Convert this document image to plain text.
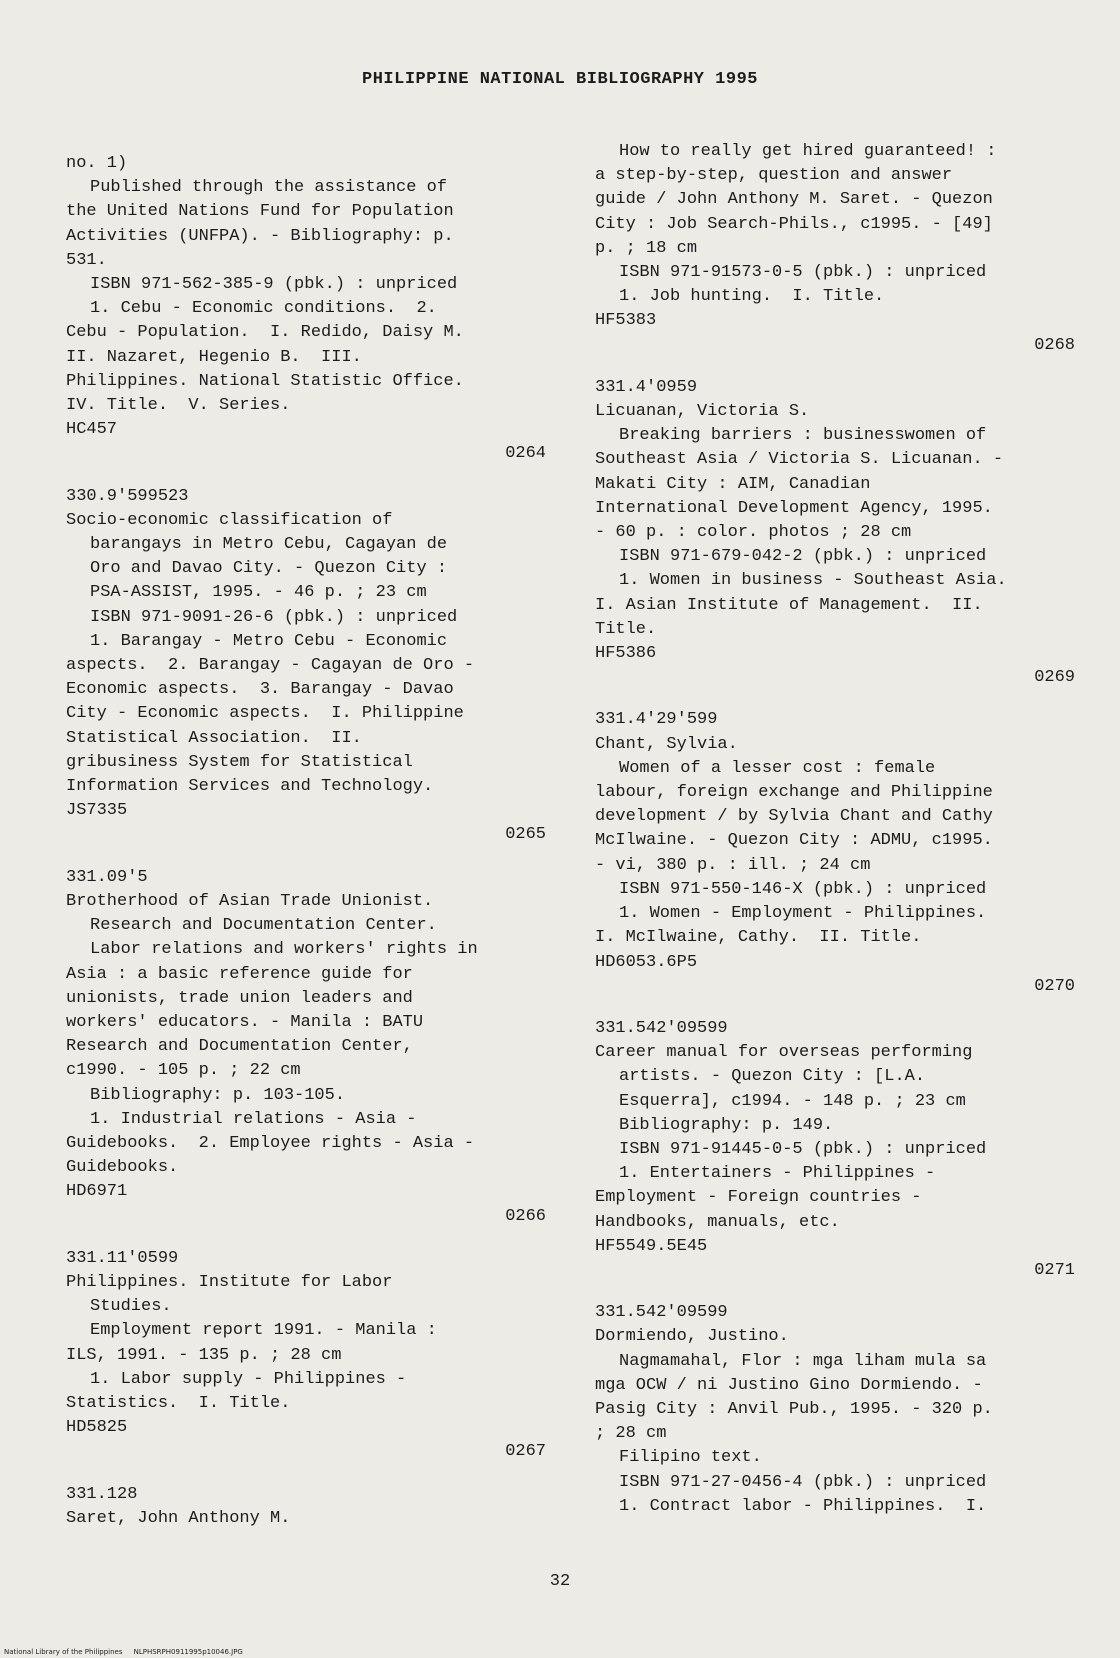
PHILIPPINE NATIONAL BIBLIOGRAPHY 1995
no. 1)
Published through the assistance of
the United Nations Fund for Population
Activities (UNFPA). - Bibliography: p.
531.
ISBN 971-562-385-9 (pbk.) : unpriced
1. Cebu - Economic conditions.  2.
Cebu - Population.  I. Redido, Daisy M.
II. Nazaret, Hegenio B.  III.
Philippines. National Statistic Office.
IV. Title.  V. Series.
HC457
0264
330.9'599523
Socio-economic classification of
barangays in Metro Cebu, Cagayan de
Oro and Davao City. - Quezon City :
PSA-ASSIST, 1995. - 46 p. ; 23 cm
ISBN 971-9091-26-6 (pbk.) : unpriced
1. Barangay - Metro Cebu - Economic
aspects.  2. Barangay - Cagayan de Oro -
Economic aspects.  3. Barangay - Davao
City - Economic aspects.  I. Philippine
Statistical Association.  II.
gribusiness System for Statistical
Information Services and Technology.
JS7335
0265
331.09'5
Brotherhood of Asian Trade Unionist.
Research and Documentation Center.
Labor relations and workers' rights in
Asia : a basic reference guide for
unionists, trade union leaders and
workers' educators. - Manila : BATU
Research and Documentation Center,
c1990. - 105 p. ; 22 cm
Bibliography: p. 103-105.
1. Industrial relations - Asia -
Guidebooks.  2. Employee rights - Asia -
Guidebooks.
HD6971
0266
331.11'0599
Philippines. Institute for Labor
Studies.
Employment report 1991. - Manila :
ILS, 1991. - 135 p. ; 28 cm
1. Labor supply - Philippines -
Statistics.  I. Title.
HD5825
0267
331.128
Saret, John Anthony M.
How to really get hired guaranteed! :
a step-by-step, question and answer
guide / John Anthony M. Saret. - Quezon
City : Job Search-Phils., c1995. - [49]
p. ; 18 cm
ISBN 971-91573-0-5 (pbk.) : unpriced
1. Job hunting.  I. Title.
HF5383
0268
331.4'0959
Licuanan, Victoria S.
Breaking barriers : businesswomen of
Southeast Asia / Victoria S. Licuanan. -
Makati City : AIM, Canadian
International Development Agency, 1995.
- 60 p. : color. photos ; 28 cm
ISBN 971-679-042-2 (pbk.) : unpriced
1. Women in business - Southeast Asia.
I. Asian Institute of Management.  II.
Title.
HF5386
0269
331.4'29'599
Chant, Sylvia.
Women of a lesser cost : female
labour, foreign exchange and Philippine
development / by Sylvia Chant and Cathy
McIlwaine. - Quezon City : ADMU, c1995.
- vi, 380 p. : ill. ; 24 cm
ISBN 971-550-146-X (pbk.) : unpriced
1. Women - Employment - Philippines.
I. McIlwaine, Cathy.  II. Title.
HD6053.6P5
0270
331.542'09599
Career manual for overseas performing
artists. - Quezon City : [L.A.
Esquerra], c1994. - 148 p. ; 23 cm
Bibliography: p. 149.
ISBN 971-91445-0-5 (pbk.) : unpriced
1. Entertainers - Philippines -
Employment - Foreign countries -
Handbooks, manuals, etc.
HF5549.5E45
0271
331.542'09599
Dormiendo, Justino.
Nagmamahal, Flor : mga liham mula sa
mga OCW / ni Justino Gino Dormiendo. -
Pasig City : Anvil Pub., 1995. - 320 p.
; 28 cm
Filipino text.
ISBN 971-27-0456-4 (pbk.) : unpriced
1. Contract labor - Philippines.  I.
32
National Library of the Philippines     NLPHSRPH0911995p10046.JPG
